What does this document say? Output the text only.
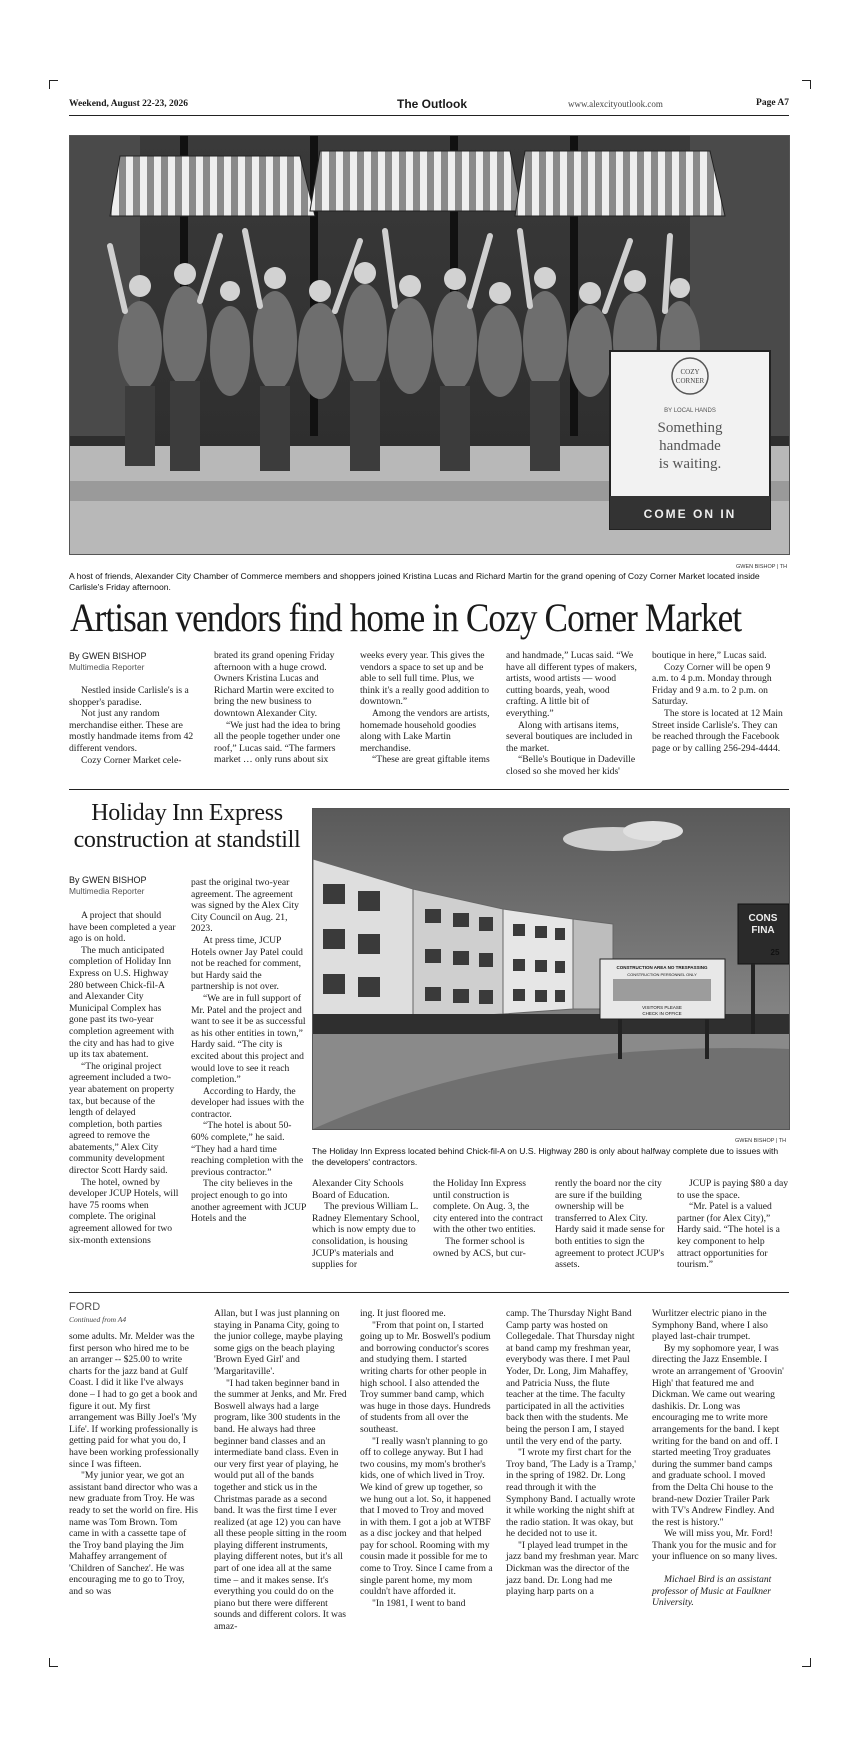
Weekend, August 22-23, 2026	The Outlook	www.alexcityoutlook.com	Page A7
COZY
CORNER
BY LOCAL HANDS
Something
handmade
is waiting.
COME ON IN
GWEN BISHOP | TH
A host of friends, Alexander City Chamber of Commerce members and shoppers joined Kristina Lucas and Richard Martin for the grand opening of Cozy Corner Market located inside Carlisle's Friday afternoon.
Artisan vendors find home in Cozy Corner Market
By GWEN BISHOP
Multimedia Reporter

Nestled inside Carlisle's is a shopper's paradise.

Not just any random merchandise either. These are mostly handmade items from 42 different vendors.

Cozy Corner Market cele-

brated its grand opening Friday afternoon with a huge crowd. Owners Kristina Lucas and Richard Martin were excited to bring the new business to downtown Alexander City.

“We just had the idea to bring all the people together under one roof,” Lucas said. “The farmers market … only runs about six

weeks every year. This gives the vendors a space to set up and be able to sell full time. Plus, we think it's a really good addition to downtown.”

Among the vendors are artists, homemade household goodies along with Lake Martin merchandise.

“These are great giftable items

and handmade,” Lucas said. “We have all different types of makers, artists, wood artists — wood cutting boards, yeah, wood crafting. A little bit of everything.”

Along with artisans items, several boutiques are included in the market.

“Belle's Boutique in Dadeville closed so she moved her kids'

boutique in here,” Lucas said.

Cozy Corner will be open 9 a.m. to 4 p.m. Monday through Friday and 9 a.m. to 2 p.m. on Saturday.

The store is located at 12 Main Street inside Carlisle's. They can be reached through the Facebook page or by calling 256-294-4444.

Holiday Inn Express construction at standstill
By GWEN BISHOP
Multimedia Reporter
CONSTRUCTION AREA NO TRESPASSING
CONSTRUCTION PERSONNEL ONLY
VISITORS PLEASE
CHECK IN OFFICE
CONS
FINA
25
GWEN BISHOP | TH
The Holiday Inn Express located behind Chick-fil-A on U.S. Highway 280 is only about halfway complete due to issues with the developers' contractors.

A project that should have been completed a year ago is on hold.

The much anticipated completion of Holiday Inn Express on U.S. Highway 280 between Chick-fil-A and Alexander City Municipal Complex has gone past its two-year completion agreement with the city and has had to give up its tax abatement.

“The original project agreement included a two-year abatement on property tax, but because of the length of delayed completion, both parties agreed to remove the abatements,” Alex City community development director Scott Hardy said.

The hotel, owned by developer JCUP Hotels, will have 75 rooms when complete. The original agreement allowed for two six-month extensions

past the original two-year agreement. The agreement was signed by the Alex City City Council on Aug. 21, 2023.

At press time, JCUP Hotels owner Jay Patel could not be reached for comment, but Hardy said the partnership is not over.

“We are in full support of Mr. Patel and the project and want to see it be as successful as his other entities in town,” Hardy said. “The city is excited about this project and would love to see it reach completion.”

According to Hardy, the developer had issues with the contractor.

“The hotel is about 50-60% complete,” he said. “They had a hard time reaching completion with the previous contractor.”

The city believes in the project enough to go into another agreement with JCUP Hotels and the

Alexander City Schools Board of Education.

The previous William L. Radney Elementary School, which is now empty due to consolidation, is housing JCUP's materials and supplies for

the Holiday Inn Express until construction is complete. On Aug. 3, the city entered into the contract with the other two entities.

The former school is owned by ACS, but cur-

rently the board nor the city are sure if the building ownership will be transferred to Alex City. Hardy said it made sense for both entities to sign the agreement to protect JCUP's assets.

JCUP is paying $80 a day to use the space.

“Mr. Patel is a valued partner (for Alex City),” Hardy said. “The hotel is a key component to help attract opportunities for tourism.”

FORD
Continued from A4

some adults. Mr. Melder was the first person who hired me to be an arranger -- $25.00 to write charts for the jazz band at Gulf Coast. I did it like I've always done – I had to go get a book and figure it out. My first arrangement was Billy Joel's 'My Life'. If working professionally is getting paid for what you do, I have been working professionally since I was fifteen.

"My junior year, we got an assistant band director who was a new graduate from Troy. He was ready to set the world on fire. His name was Tom Brown. Tom came in with a cassette tape of the Troy band playing the Jim Mahaffey arrangement of 'Children of Sanchez'. He was encouraging me to go to Troy, and so was

Allan, but I was just planning on staying in Panama City, going to the junior college, maybe playing some gigs on the beach playing 'Brown Eyed Girl' and 'Margaritaville'.

"I had taken beginner band in the summer at Jenks, and Mr. Fred Boswell always had a large program, like 300 students in the band. He always had three beginner band classes and an intermediate band class. Even in our very first year of playing, he would put all of the bands together and stick us in the Christmas parade as a second band. It was the first time I ever realized (at age 12) you can have all these people sitting in the room playing different instruments, playing different notes, but it's all part of one idea all at the same time – and it makes sense. It's everything you could do on the piano but there were different sounds and different colors. It was amaz-

ing. It just floored me.

"From that point on, I started going up to Mr. Boswell's podium and borrowing conductor's scores and studying them. I started writing charts for other people in high school. I also attended the Troy summer band camp, which was huge in those days. Hundreds of students from all over the southeast.

"I really wasn't planning to go off to college anyway. But I had two cousins, my mom's brother's kids, one of which lived in Troy. We kind of grew up together, so we hung out a lot. So, it happened that I moved to Troy and moved in with them. I got a job at WTBF as a disc jockey and that helped pay for school. Rooming with my cousin made it possible for me to come to Troy. Since I came from a single parent home, my mom couldn't have afforded it.

"In 1981, I went to band

camp. The Thursday Night Band Camp party was hosted on Collegedale. That Thursday night at band camp my freshman year, everybody was there. I met Paul Yoder, Dr. Long, Jim Mahaffey, and Patricia Nuss, the flute teacher at the time. The faculty participated in all the activities back then with the students. Me being the person I am, I stayed until the very end of the party.

"I wrote my first chart for the Troy band, 'The Lady is a Tramp,' in the spring of 1982. Dr. Long read through it with the Symphony Band. I actually wrote it while working the night shift at the radio station. It was okay, but he decided not to use it.

"I played lead trumpet in the jazz band my freshman year. Marc Dickman was the director of the jazz band. Dr. Long had me playing harp parts on a

Wurlitzer electric piano in the Symphony Band, where I also played last-chair trumpet.

By my sophomore year, I was directing the Jazz Ensemble. I wrote an arrangement of 'Groovin' High' that featured me and Dickman. We came out wearing dashikis. Dr. Long was encouraging me to write more arrangements for the band. I kept writing for the band on and off. I started meeting Troy graduates during the summer band camps and graduate school. I moved from the Delta Chi house to the brand-new Dozier Trailer Park with TV's Andrew Findley. And the rest is history."

We will miss you, Mr. Ford! Thank you for the music and for your influence on so many lives.

Michael Bird is an assistant professor of Music at Faulkner University.
